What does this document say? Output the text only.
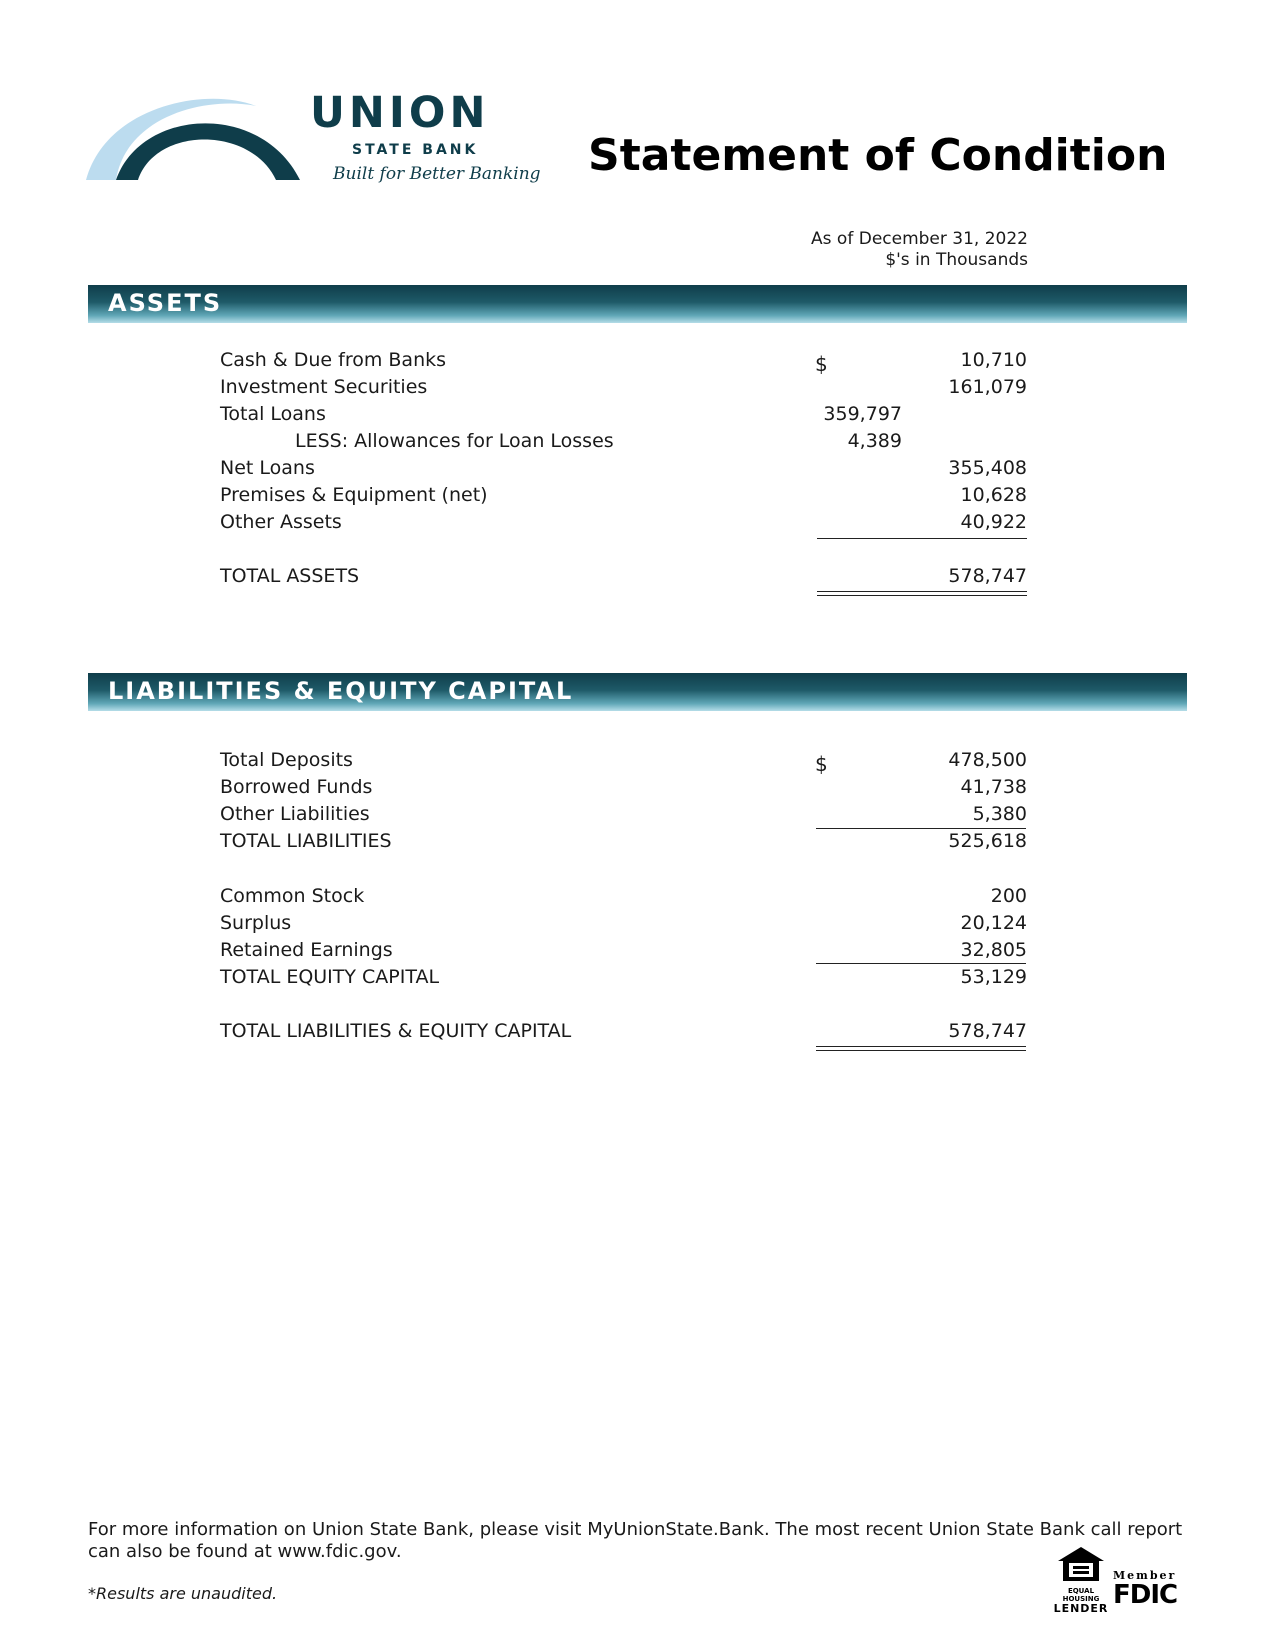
UNION
STATE BANK
Built for Better Banking Statement of Condition
As of December 31, 2022
$'s in Thousands
ASSETS
Cash & Due from Banks	$	10,710
Investment Securities	161,079
Total Loans	359,797
LESS: Allowances for Loan Losses	4,389
Net Loans	355,408
Premises & Equipment (net)	10,628
Other Assets	40,922
TOTAL ASSETS	578,747
LIABILITIES & EQUITY CAPITAL
Total Deposits	$	478,500
Borrowed Funds	41,738
Other Liabilities	5,380
TOTAL LIABILITIES	525,618
Common Stock	200
Surplus	20,124
Retained Earnings	32,805
TOTAL EQUITY CAPITAL	53,129
TOTAL LIABILITIES & EQUITY CAPITAL	578,747
For more information on Union State Bank, please visit MyUnionState.Bank. The most recent Union State Bank call report can also be found at www.fdic.gov.
*Results are unaudited.	EQUAL HOUSING
LENDER
Member
FDIC
